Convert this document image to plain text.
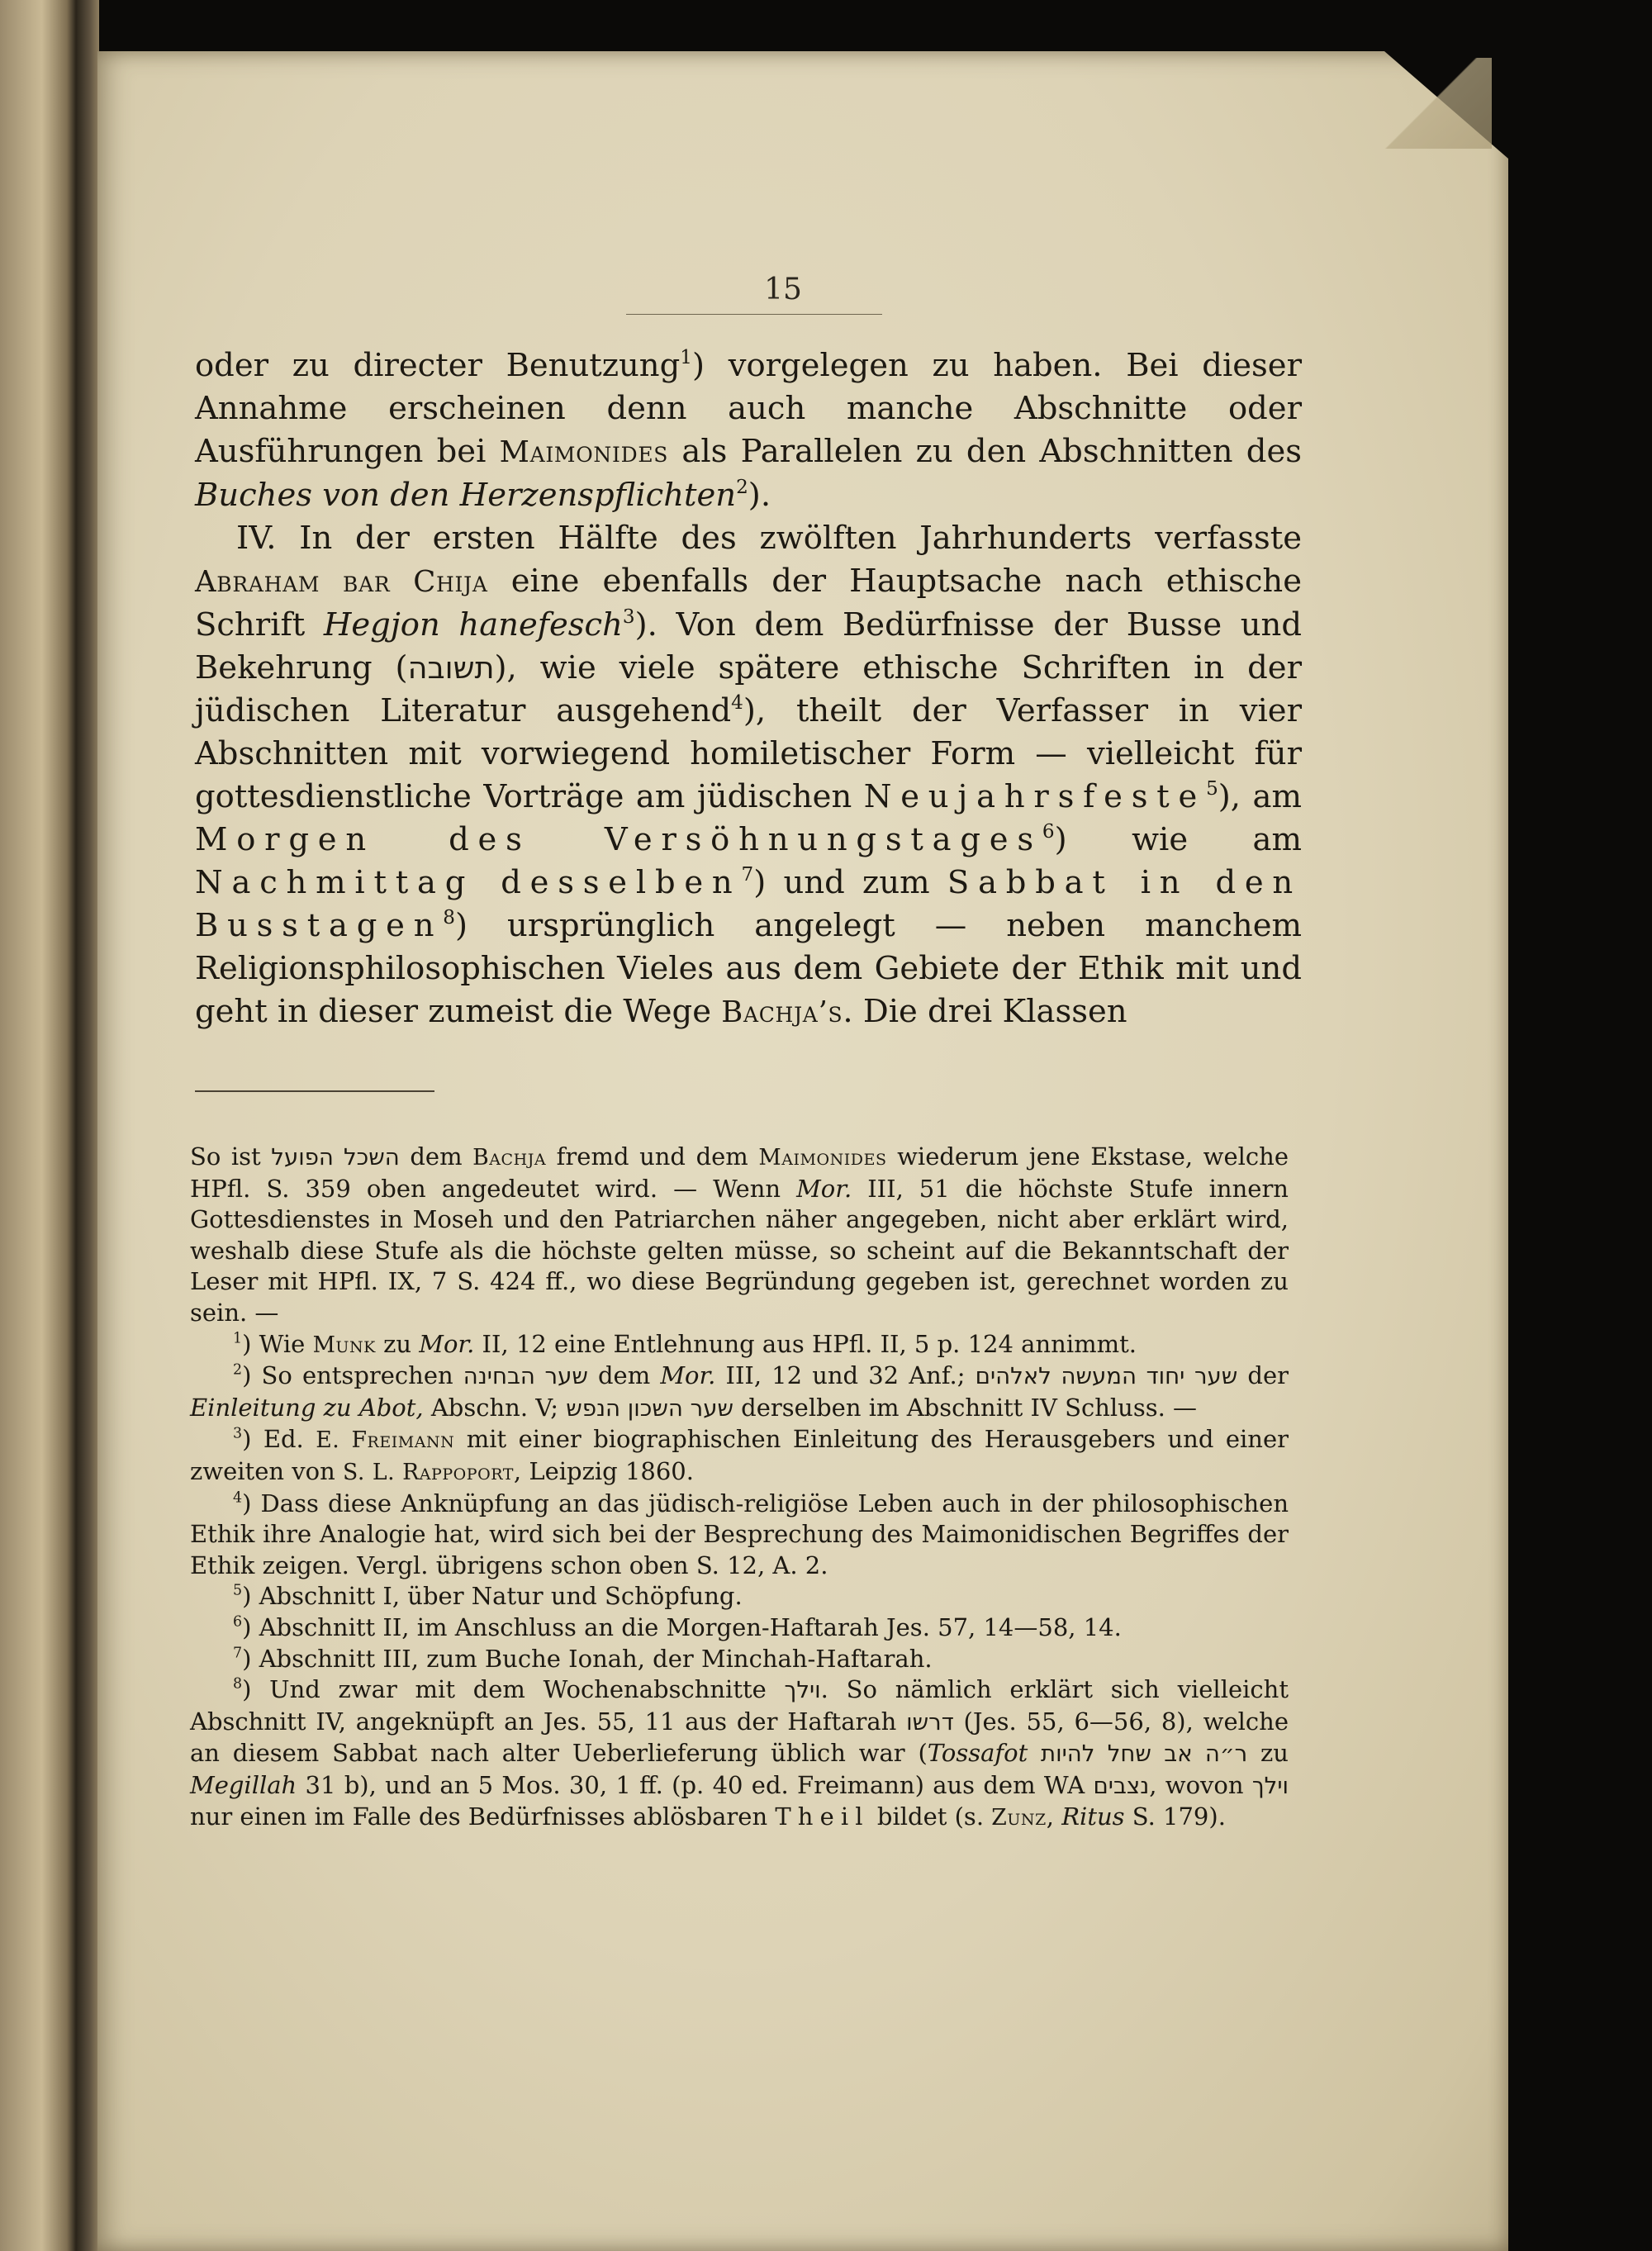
15

oder zu directer Benutzung$^1$) vorgelegen zu haben. Bei dieser Annahme erscheinen denn auch manche Abschnitte oder Ausführungen bei Maimonides als Parallelen zu den Abschnitten des Buches von den Herzenspflichten$^2$).

IV. In der ersten Hälfte des zwölften Jahrhunderts verfasste Abraham bar Chija eine ebenfalls der Hauptsache nach ethische Schrift Hegjon hanefesch$^3$). Von dem Bedürfnisse der Busse und Bekehrung (תשובה), wie viele spätere ethische Schriften in der jüdischen Literatur ausgehend$^4$), theilt der Verfasser in vier Abschnitten mit vorwiegend homiletischer Form — vielleicht für gottesdienstliche Vorträge am jüdischen Neujahrsfeste$^5$), am Morgen des Versöhnungstages$^6$) wie am Nachmittag desselben$^7$) und zum Sabbat in den Busstagen$^8$) ursprünglich angelegt — neben manchem Religionsphilosophischen Vieles aus dem Gebiete der Ethik mit und geht in dieser zumeist die Wege Bachja’s. Die drei Klassen

So ist השכל הפועל dem Bachja fremd und dem Maimonides wiederum jene Ekstase, welche HPfl. S. 359 oben angedeutet wird. — Wenn Mor. III, 51 die höchste Stufe innern Gottesdienstes in Moseh und den Patriarchen näher angegeben, nicht aber erklärt wird, weshalb diese Stufe als die höchste gelten müsse, so scheint auf die Bekanntschaft der Leser mit HPfl. IX, 7 S. 424 ff., wo diese Begründung gegeben ist, gerechnet worden zu sein. —

$^1$) Wie Munk zu Mor. II, 12 eine Entlehnung aus HPfl. II, 5 p. 124 annimmt.

$^2$) So entsprechen שער הבחינה dem Mor. III, 12 und 32 Anf.; שער יחוד המעשה לאלהים der Einleitung zu Abot, Abschn. V; שער השכון הנפש derselben im Abschnitt IV Schluss. —

$^3$) Ed. E. Freimann mit einer biographischen Einleitung des Herausgebers und einer zweiten von S. L. Rappoport, Leipzig 1860.

$^4$) Dass diese Anknüpfung an das jüdisch-religiöse Leben auch in der philosophischen Ethik ihre Analogie hat, wird sich bei der Besprechung des Maimonidischen Begriffes der Ethik zeigen. Vergl. übrigens schon oben S. 12, A. 2.

$^5$) Abschnitt I, über Natur und Schöpfung.

$^6$) Abschnitt II, im Anschluss an die Morgen-Haftarah Jes. 57, 14—58, 14.

$^7$) Abschnitt III, zum Buche Ionah, der Minchah-Haftarah.

$^8$) Und zwar mit dem Wochenabschnitte וילך. So nämlich erklärt sich vielleicht Abschnitt IV, angeknüpft an Jes. 55, 11 aus der Haftarah דרשו (Jes. 55, 6—56, 8), welche an diesem Sabbat nach alter Ueberlieferung üblich war (Tossafot ר״ה אב שחל להיות zu Megillah 31 b), und an 5 Mos. 30, 1 ff. (p. 40 ed. Freimann) aus dem WA נצבים, wovon וילך nur einen im Falle des Bedürfnisses ablösbaren Theil bildet (s. Zunz, Ritus S. 179).
